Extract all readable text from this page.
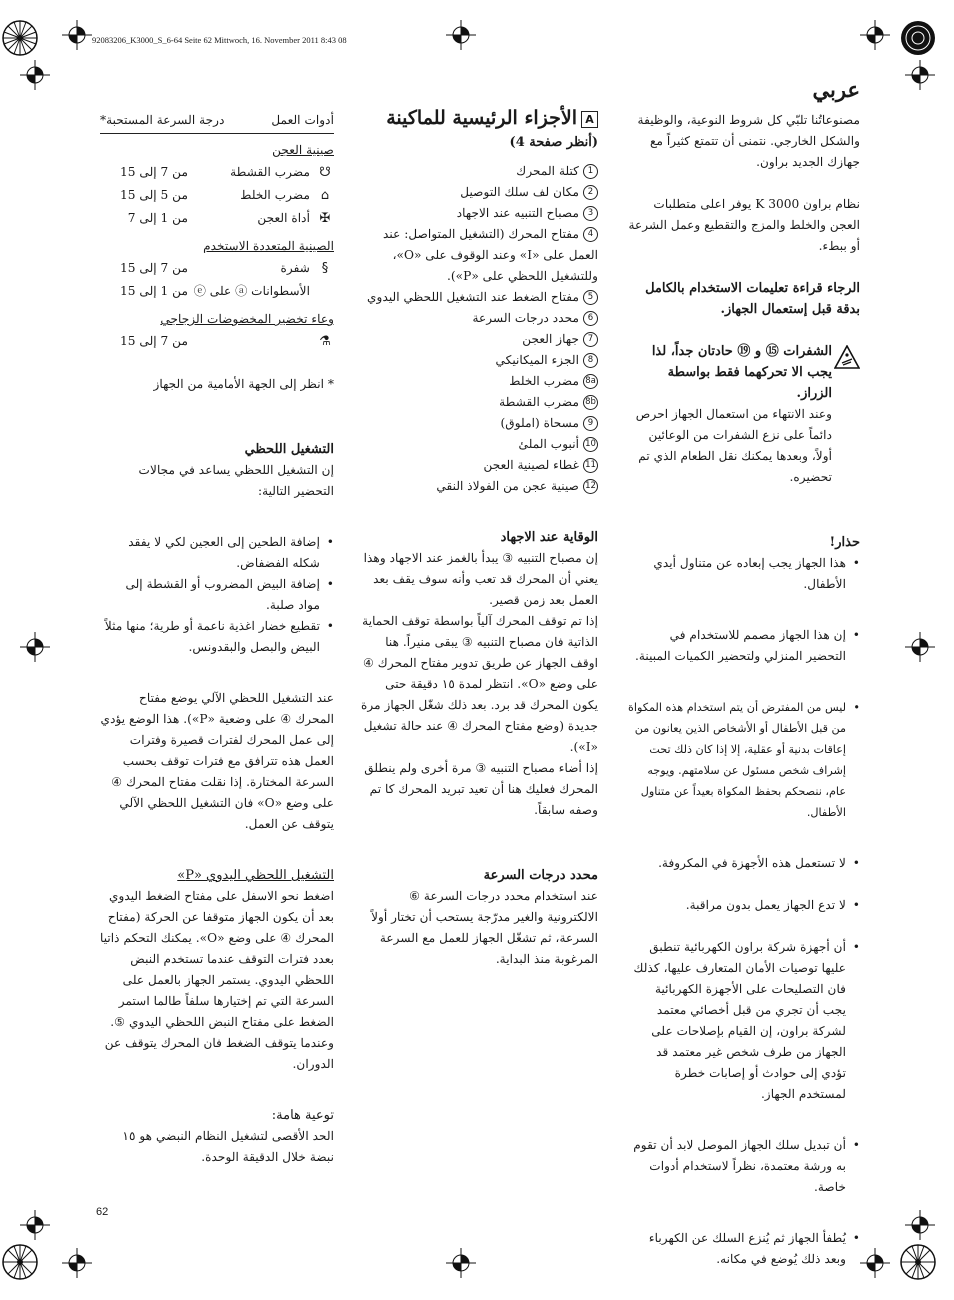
92083206_K3000_S_6-64 Seite 62 Mittwoch, 16. November 2011 8:43 08
عربي

مصنوعاتُنا تلبّي كل شروط النوعية، والوظيفة والشكل الخارجي. نتمنى أن تتمتع كثيراً مع جهازك الجديد براون.

نظام براون K 3000 يوفر اعلى متطلبات العجن والخلط والمزج والتقطيع وعمل الشرعة أو ببطء.

الرجاء قراءة تعليمات الاستخدام بالكامل بدقة قبل إستعمال الجهاز.
الشفرات ⑮ و ⑲ حادتان جداً، لذا يجب الا تحركهما فقط بواسطة الزراز.

وعند الانتهاء من استعمال الجهاز احرص دائماً على نزع الشفرات من الوعائين أولاً، وبعدها يمكنك نقل الطعام الذي تم تحضيره.

حذار!
• هذا الجهاز يجب إبعاده عن متناول أيدي الأطفال.
• إن هذا الجهاز مصمم للاستخدام في التحضير المنزلي ولتحضير الكميات المبينة.
• ليس من المفترض أن يتم استخدام هذه المكواة من قبل الأطفال أو الأشخاص الذين يعانون من إعاقات بدنية أو عقلية، إلا إذا كان ذلك تحت إشراف شخص مسئول عن سلامتهم. ويوجه عام، ننصحكم بحفظ المكواة بعيداً عن متناول الأطفال.
• لا تستعمل هذه الأجهزة في المكروفة.
• لا تدع الجهاز يعمل بدون مراقبة.
• أن أجهزة شركة براون الكهربائية تنطبق عليها توصيات الأمان المتعارف عليها، كذلك فان التصليحات على الأجهزة الكهربائية يجب أن تجري من قبل أخصائي معتمد لشركة براون، إن القيام بإصلاحات على الجهاز من طرف شخص غير معتمد قد تؤدي إلى حوادث أو إصابات خطرة لمستخدم الجهاز.
• أن تبديل سلك الجهاز الموصل لابد أن تقوم به ورشة معتمدة، نظراً لاستخدام أدوات خاصة.
• يُطفأ الجهاز ثم يُنزع السلك عن الكهرباء وبعد ذلك يُوضع في مكانه.
Aالأجزاء الرئيسية للماكينة
(أنظر صفحة 4)
1كتلة المحرك
2مكان لف سلك التوصيل
3مصباح التنبيه عند الاجهاد
4مفتاح المحرك (التشغيل المتواصل: عند العمل على «I» وعند الوقوف على «O»، وللتشغيل اللحظي على «P»).
5مفتاح الضغط عند التشغيل اللحظي اليدوي
6محدد درجات السرعة
7جهاز العجن
8الجزء الميكانيكي
8aمضرب الخلط
8bمضرب القشطة
9مسحاة (املوق)
10أنبوب الملئ
11غطاء لصينية العجن
12صينية عجن من الفولاذ النقي
الوقاية عند الاجهاد

إن مصباح التنبيه ③ يبدأ بالغمز عند الاجهاد وهذا يعني أن المحرك قد تعب وأنه سوف يقف بعد العمل بعد زمن قصير.

إذا تم توقف المحرك آلياً بواسطة توقف الحماية الذاتية فان مصباح التنبيه ③ يبقى منيراً. هنا اوقف الجهاز عن طريق تدوير مفتاح المحرك ④ على وضع «O». انتظر لمدة ١٥ دقيقة حتى يكون المحرك قد برد. بعد ذلك شغّل الجهاز مرة جديدة (وضع مفتاح المحرك ④ عند حالة تشغيل «I»).

إذا أضاء مصباح التنبيه ③ مرة أخرى ولم ينطلق المحرك فعليك هنا أن تعيد تبريد المحرك كا تم وصفه سابقاً.

محدد درجات السرعة

عند استخدام محدد درجات السرعة ⑥ الالكترونية والغير مدرّجة يستحب أن تختار أولاً السرعة، ثم تشغّل الجهاز للعمل مع السرعة المرغوبة منذ البداية.

أدوات العمل
درجة السرعة المستحبة*
صينية العجن
☋
مضرب القشطة
من 7 إلى 15
⌂
مضرب الخلط
من 5 إلى 15
✠
أداة العجن
من 1 إلى 7
الصينية المتعددة الاستخدم
§
شفرة
من 7 إلى 15
الأسطوانات ⓐ على ⓔ
من 1 إلى 15
وعاء تخضير المخضوضات الزجاجي
⚗
من 7 إلى 15

* انظر إلى الجهة الأمامية من الجهاز

التشغيل اللحظي

إن التشغيل اللحظي يساعد في مجالات التحضير التالية:

• إضافة الطحين إلى العجين لكي لا يفقد شكله الفضفاض.
• إضافة البيض المضروب أو القشطة إلى مواد صلبة.
• تقطيع خضار اغذية ناعمة أو طرية؛ منها مثلاً البيض والبصل والبقدونس.

عند التشغيل اللحظي الآلي يوضع مفتاح المحرك ④ على وضعية «P»). هذا الوضع يؤدي إلى عمل المحرك لفترات قصيرة وفترات العمل هذه تترافق مع فترات توقف بحسب السرعة المختارة. إذا نقلت مفتاح المحرك ④ على وضع «O» فان التشغيل اللحظي الآلي يتوقف عن العمل.

التشغيل اللحظي اليدوي «P»

اضغط نحو الاسفل على مفتاح الضغط اليدوي بعد أن يكون الجهاز متوقفا عن الحركة (مفتاح المحرك ④ على وضع «O». يمكنك التحكم ذاتيا بعدد فترات التوقف عندما تستخدم النبض اللحظي اليدوي. يستمر الجهاز بالعمل على السرعة التي تم إختيارها سلفاً طالما استمر الضغط على مفتاح النبض اللحظي اليدوي ⑤. وعندما يتوقف الضغط فان المحرك يتوقف عن الدوران.

توعية هامة:

الحد الأقصى لتشغيل النظام النبضي هو ١٥ نبضة خلال الدقيقة الوحدة.

62
